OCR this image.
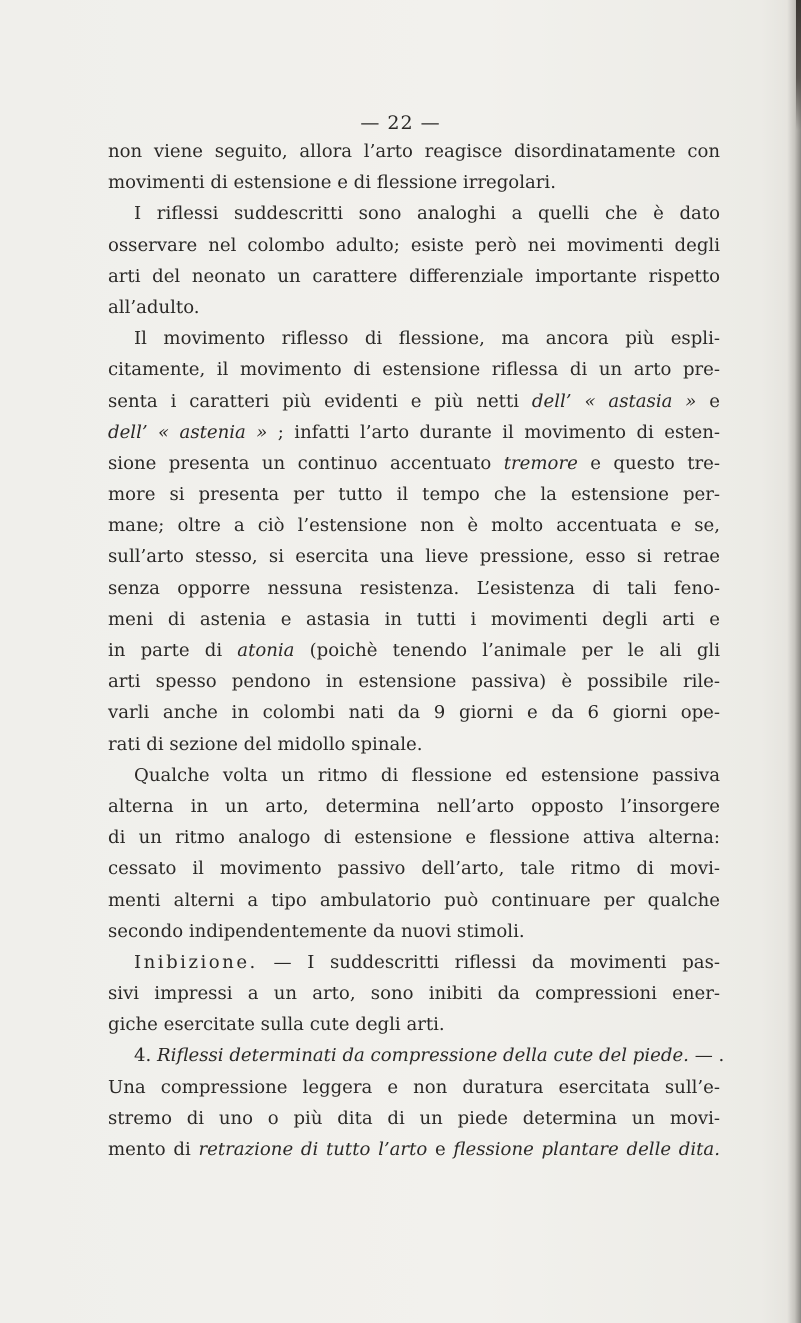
— 22 —
non viene seguito, allora l’arto reagisce disordinatamente con
movimenti di estensione e di flessione irregolari.
I riflessi suddescritti sono analoghi a quelli che è dato
osservare nel colombo adulto; esiste però nei movimenti degli
arti del neonato un carattere differenziale importante rispetto
all’adulto.
Il movimento riflesso di flessione, ma ancora più espli-
citamente, il movimento di estensione riflessa di un arto pre-
senta i caratteri più evidenti e più netti dell’ « astasia » e
dell’ « astenia » ; infatti l’arto durante il movimento di esten-
sione presenta un continuo accentuato tremore e questo tre-
more si presenta per tutto il tempo che la estensione per-
mane; oltre a ciò l’estensione non è molto accentuata e se,
sull’arto stesso, si esercita una lieve pressione, esso si retrae
senza opporre nessuna resistenza. L’esistenza di tali feno-
meni di astenia e astasia in tutti i movimenti degli arti e
in parte di atonia (poichè tenendo l’animale per le ali gli
arti spesso pendono in estensione passiva) è possibile rile-
varli anche in colombi nati da 9 giorni e da 6 giorni ope-
rati di sezione del midollo spinale.
Qualche volta un ritmo di flessione ed estensione passiva
alterna in un arto, determina nell’arto opposto l’insorgere
di un ritmo analogo di estensione e flessione attiva alterna:
cessato il movimento passivo dell’arto, tale ritmo di movi-
menti alterni a tipo ambulatorio può continuare per qualche
secondo indipendentemente da nuovi stimoli.
Inibizione. — I suddescritti riflessi da movimenti pas-
sivi impressi a un arto, sono inibiti da compressioni ener-
giche esercitate sulla cute degli arti.
4. Riflessi determinati da compressione della cute del piede. — .
Una compressione leggera e non duratura esercitata sull’e-
stremo di uno o più dita di un piede determina un movi-
mento di retrazione di tutto l’arto e flessione plantare delle dita.
